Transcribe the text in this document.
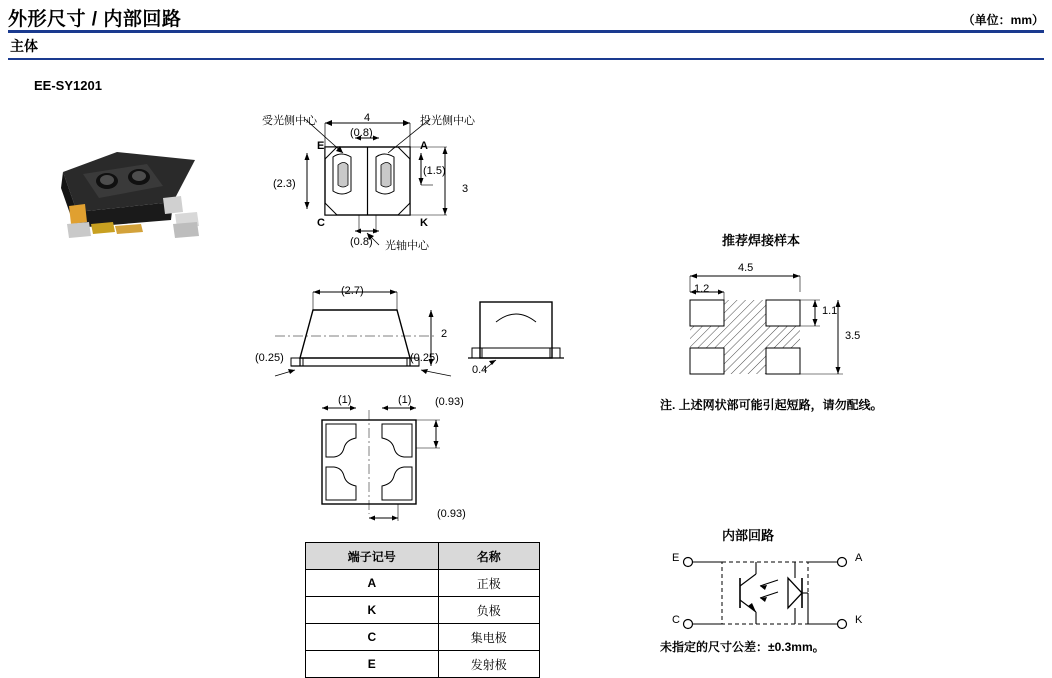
外形尺寸 / 内部回路	（单位：mm）
主体
EE-SY1201
受光侧中心	投光侧中心
光轴中心
4
(0.8)
(2.3)
(1.5)
3
(0.8)
E	A
C	K
(2.7)
2
(0.25)	(0.25)
0.4
(1)	(1) (0.93)
(0.93)
推荐焊接样本
4.5
1.2
1.1
3.5
注. 上述网状部可能引起短路，请勿配线。
内部回路
E	A
C	K
未指定的尺寸公差：±0.3mm。
端子记号	名称
A	正极
K	负极
C	集电极
E	发射极
